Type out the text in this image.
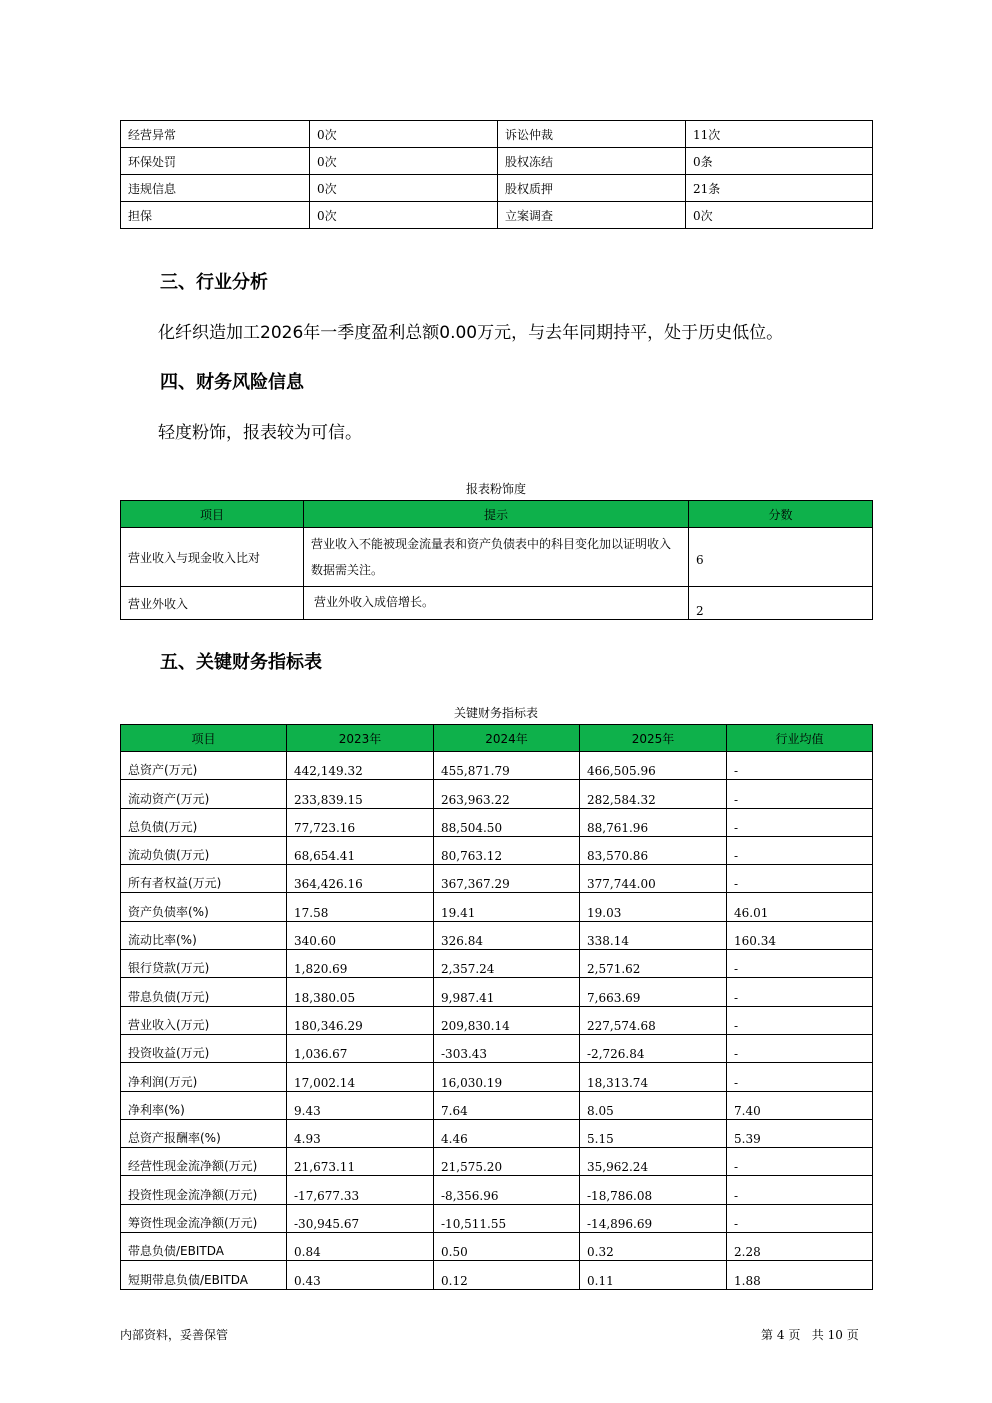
经营异常	0次	诉讼仲裁	11次
环保处罚	0次	股权冻结	0条
违规信息	0次	股权质押	21条
担保	0次	立案调查	0次
三、行业分析
化纤织造加工2026年一季度盈利总额0.00万元，与去年同期持平，处于历史低位。
四、财务风险信息
轻度粉饰，报表较为可信。
报表粉饰度
项目	提示	分数
营业收入与现金收入比对	营业收入不能被现金流量表和资产负债表中的科目变化加以证明收入数据需关注。	6
营业外收入	营业外收入成倍增长。	2
五、关键财务指标表
关键财务指标表
项目	2023年	2024年	2025年	行业均值
总资产(万元)	442,149.32	455,871.79	466,505.96	-
流动资产(万元)	233,839.15	263,963.22	282,584.32	-
总负债(万元)	77,723.16	88,504.50	88,761.96	-
流动负债(万元)	68,654.41	80,763.12	83,570.86	-
所有者权益(万元)	364,426.16	367,367.29	377,744.00	-
资产负债率(%)	17.58	19.41	19.03	46.01
流动比率(%)	340.60	326.84	338.14	160.34
银行贷款(万元)	1,820.69	2,357.24	2,571.62	-
带息负债(万元)	18,380.05	9,987.41	7,663.69	-
营业收入(万元)	180,346.29	209,830.14	227,574.68	-
投资收益(万元)	1,036.67	-303.43	-2,726.84	-
净利润(万元)	17,002.14	16,030.19	18,313.74	-
净利率(%)	9.43	7.64	8.05	7.40
总资产报酬率(%)	4.93	4.46	5.15	5.39
经营性现金流净额(万元)	21,673.11	21,575.20	35,962.24	-
投资性现金流净额(万元)	-17,677.33	-8,356.96	-18,786.08	-
筹资性现金流净额(万元)	-30,945.67	-10,511.55	-14,896.69	-
带息负债/EBITDA	0.84	0.50	0.32	2.28
短期带息负债/EBITDA	0.43	0.12	0.11	1.88
内部资料，妥善保管	第 4 页   共 10 页
